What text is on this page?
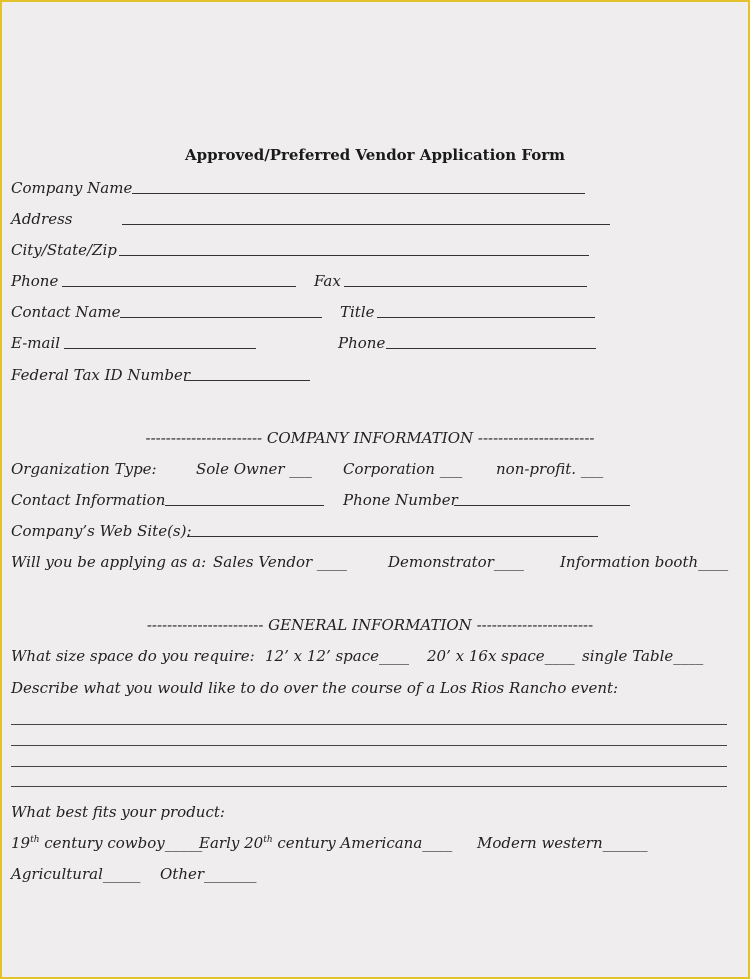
Approved/Preferred Vendor Application Form
Company Name
Address
City/State/Zip
Phone	Fax
Contact Name	Title
E-mail	Phone
Federal Tax ID Number
----------------------- COMPANY INFORMATION -----------------------
Organization Type:	Sole Owner ___ Corporation ___ non-profit. ___
Contact Information	Phone Number
Company’s Web Site(s):
Will you be applying as a: Sales Vendor ____	Demonstrator____ Information booth____
----------------------- GENERAL INFORMATION -----------------------
What size space do you require: 12’ x 12’ space____ 20’ x 16x space____ single Table____
Describe what you would like to do over the course of a Los Rios Rancho event:
What best fits your product:
19th century cowboy_____
Early 20th century Americana____ Modern western______
Agricultural_____ Other_______
